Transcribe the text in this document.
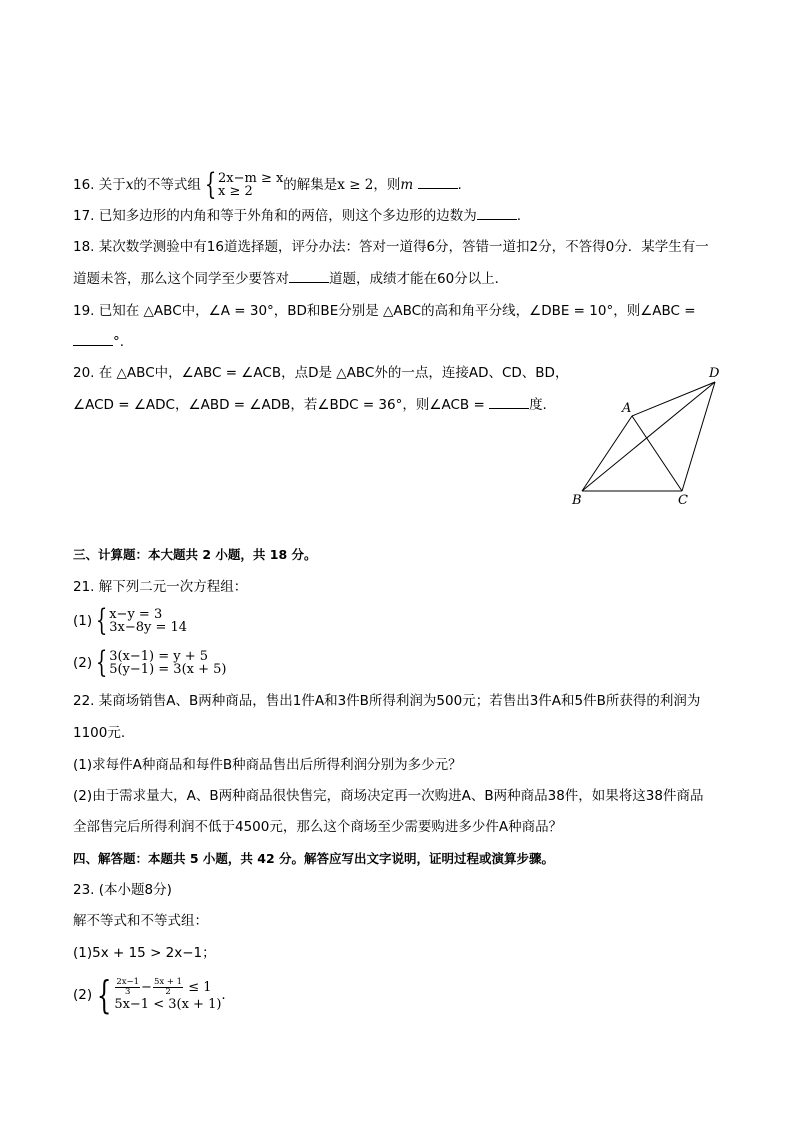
16. 关于x的不等式组 { 2x−m ≥ x
x ≥ 2	的解集是x ≥ 2，则m	.
17. 已知多边形的内角和等于外角和的两倍，则这个多边形的边数为	.
18. 某次数学测验中有16道选择题，评分办法：答对一道得6分，答错一道扣2分，不答得0分．某学生有一
道题未答，那么这个同学至少要答对	道题，成绩才能在60分以上．
19. 已知在 △ABC中，∠A = 30°，BD和BE分别是 △ABC的高和角平分线，∠DBE = 10°，则∠ABC =
°.
20. 在 △ABC中，∠ABC = ∠ACB，点D是 △ABC外的一点，连接AD、CD、BD，
∠ACD = ∠ADC，∠ABD = ∠ADB，若∠BDC = 36°，则∠ACB =	度.	A
B	C
D
三、计算题：本大题共 2 小题，共 18 分。
21. 解下列二元一次方程组：
(1) { x−y = 3
3x−8y = 14
(2) { 3(x−1) = y + 5
5(y−1) = 3(x + 5)
22. 某商场销售A、B两种商品，售出1件A和3件B所得利润为500元；若售出3件A和5件B所获得的利润为
1100元.
(1)求每件A种商品和每件B种商品售出后所得利润分别为多少元？
(2)由于需求量大，A、B两种商品很快售完，商场决定再一次购进A、B两种商品38件，如果将这38件商品
全部售完后所得利润不低于4500元，那么这个商场至少需要购进多少件A种商品？
四、解答题：本题共 5 小题，共 42 分。解答应写出文字说明，证明过程或演算步骤。
23. (本小题8分)
解不等式和不等式组：
(1)5x + 15 > 2x−1；
(2) { $\frac{2x-1}{3} - \frac{5x + 1}{2} \le 1$
5x−1 < 3(x + 1)
.
